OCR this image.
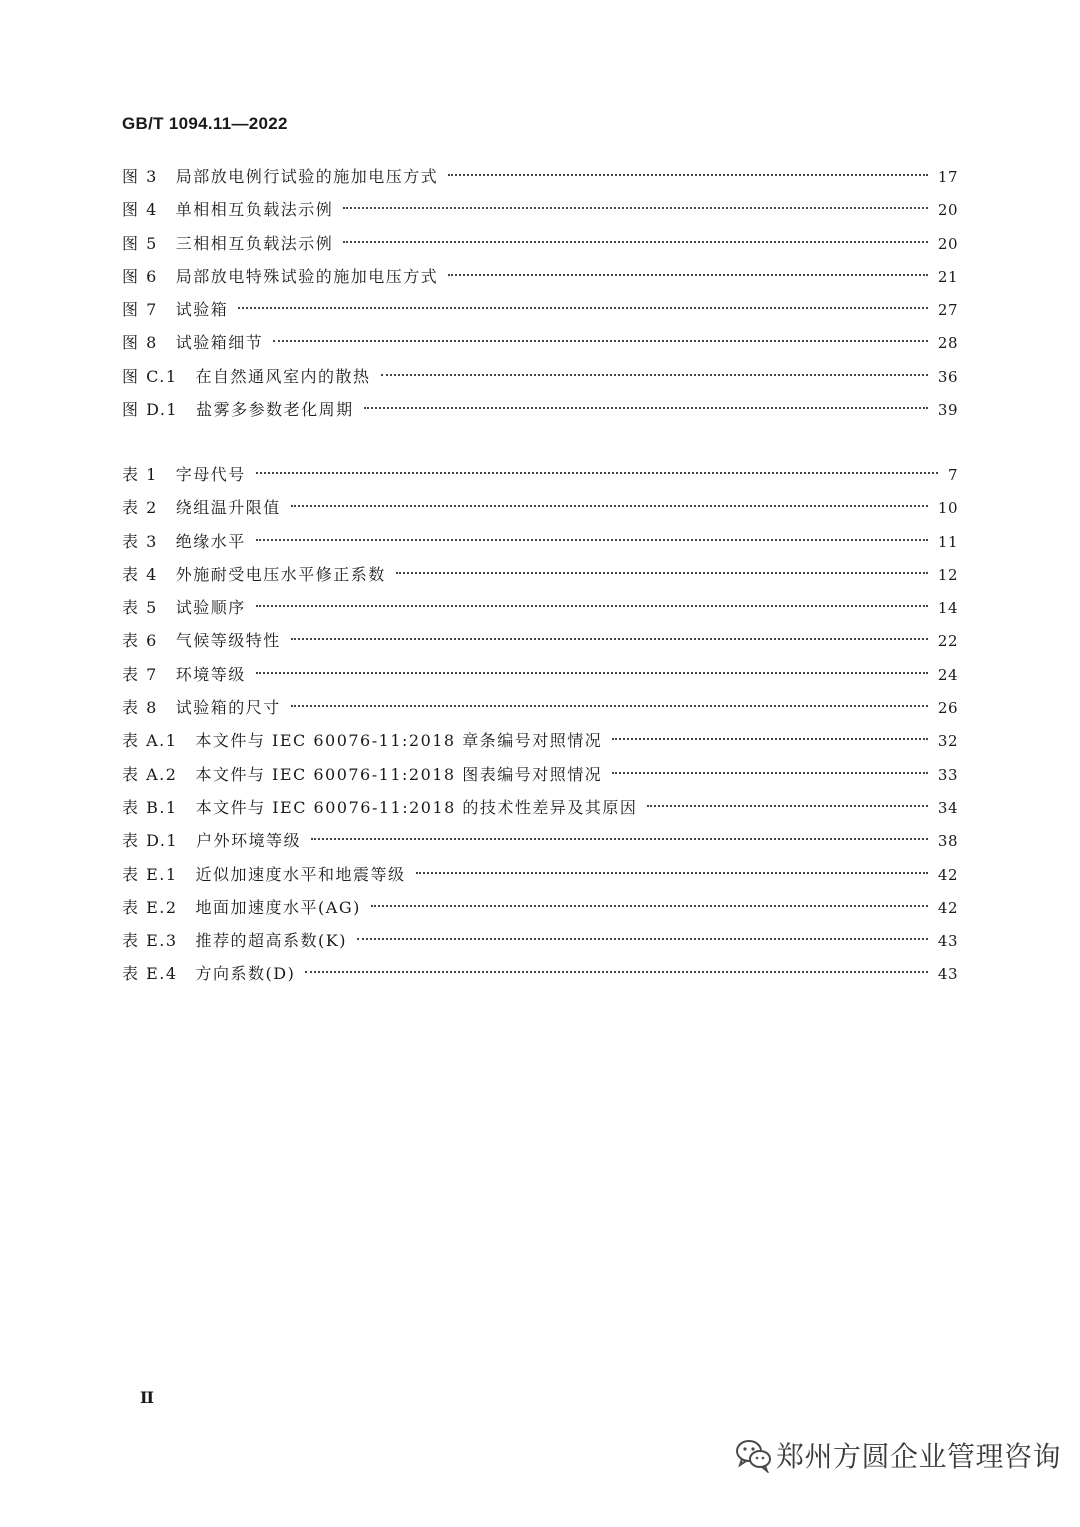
GB/T 1094.11—2022
图 3 局部放电例行试验的施加电压方式	17
图 4 单相相互负载法示例	20
图 5 三相相互负载法示例	20
图 6 局部放电特殊试验的施加电压方式	21
图 7 试验箱	27
图 8 试验箱细节	28
图 C.1 在自然通风室内的散热	36
图 D.1 盐雾多参数老化周期	39
表 1 字母代号	7
表 2 绕组温升限值	10
表 3 绝缘水平	11
表 4 外施耐受电压水平修正系数	12
表 5 试验顺序	14
表 6 气候等级特性	22
表 7 环境等级	24
表 8 试验箱的尺寸	26
表 A.1 本文件与 IEC 60076-11:2018 章条编号对照情况	32
表 A.2 本文件与 IEC 60076-11:2018 图表编号对照情况	33
表 B.1 本文件与 IEC 60076-11:2018 的技术性差异及其原因	34
表 D.1 户外环境等级	38
表 E.1 近似加速度水平和地震等级	42
表 E.2 地面加速度水平(AG)	42
表 E.3 推荐的超高系数(K)	43
表 E.4 方向系数(D)	43
II
郑州方圆企业管理咨询
